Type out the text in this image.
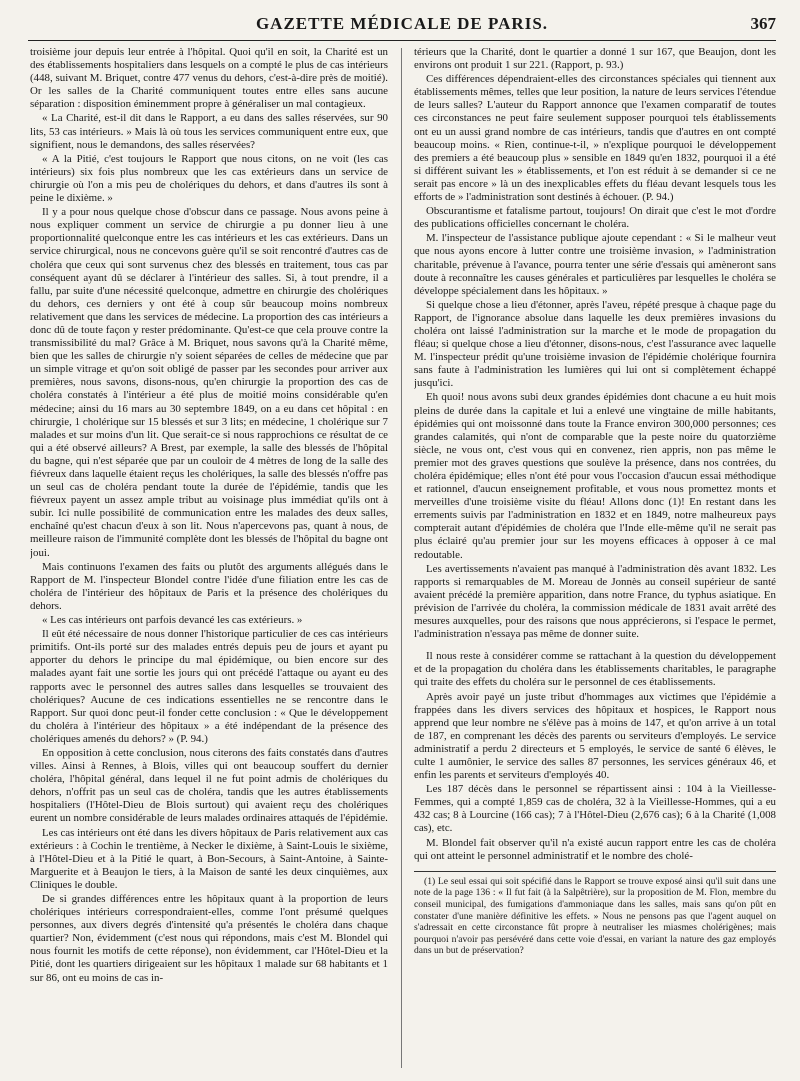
GAZETTE MÉDICALE DE PARIS.	367

troisième jour depuis leur entrée à l'hôpital. Quoi qu'il en soit, la Charité est un des établissements hospitaliers dans lesquels on a compté le plus de cas intérieurs (448, suivant M. Briquet, contre 477 venus du dehors, c'est-à-dire près de moitié). Or les salles de la Charité communiquent toutes entre elles sans aucune séparation : disposition éminemment propre à généraliser un mal contagieux.

« La Charité, est-il dit dans le Rapport, a eu dans des salles réservées, sur 90 lits, 53 cas intérieurs. » Mais là où tous les services communiquent entre eux, que signifient, nous le demandons, des salles réservées?

« A la Pitié, c'est toujours le Rapport que nous citons, on ne voit (les cas intérieurs) six fois plus nombreux que les cas extérieurs dans un service de chirurgie où l'on a mis peu de cholériques du dehors, et dans d'autres ils sont à peine le dixième. »

Il y a pour nous quelque chose d'obscur dans ce passage. Nous avons peine à nous expliquer comment un service de chirurgie a pu donner lieu à une proportionnalité quelconque entre les cas intérieurs et les cas extérieurs. Dans un service chirurgical, nous ne concevons guère qu'il se soit rencontré d'autres cas de choléra que ceux qui sont survenus chez des blessés en traitement, tous cas par conséquent ayant dû se déclarer à l'intérieur des salles. Si, à tout prendre, il a fallu, par suite d'une nécessité quelconque, admettre en chirurgie des cholériques du dehors, ces derniers y ont été à coup sûr beaucoup moins nombreux relativement que dans les services de médecine. La proportion des cas intérieurs a donc dû de toute façon y rester prédominante. Qu'est-ce que cela prouve contre la transmissibilité du mal? Grâce à M. Briquet, nous savons qu'à la Charité même, bien que les salles de chirurgie n'y soient séparées de celles de médecine que par un simple vitrage et qu'on soit obligé de passer par les secondes pour arriver aux premières, nous savons, disons-nous, qu'en chirurgie la proportion des cas de choléra constatés à l'intérieur a été plus de moitié moins considérable qu'en médecine; ainsi du 16 mars au 30 septembre 1849, on a eu dans cet hôpital : en chirurgie, 1 cholérique sur 15 blessés et sur 3 lits; en médecine, 1 cholérique sur 7 malades et sur moins d'un lit. Que serait-ce si nous rapprochions ce résultat de ce qui a été observé ailleurs? A Brest, par exemple, la salle des blessés de l'hôpital du bagne, qui n'est séparée que par un couloir de 4 mètres de long de la salle des fiévreux dans laquelle étaient reçus les cholériques, la salle des blessés n'offre pas un seul cas de choléra pendant toute la durée de l'épidémie, tandis que les fiévreux payent un assez ample tribut au voisinage plus immédiat qu'ils ont à subir. Ici nulle possibilité de communication entre les malades des deux salles, enchaîné qu'est chacun d'eux à son lit. Nous n'apercevons pas, quant à nous, de meilleure raison de l'immunité complète dont les blessés de l'hôpital du bagne ont joui.

Mais continuons l'examen des faits ou plutôt des arguments allégués dans le Rapport de M. l'inspecteur Blondel contre l'idée d'une filiation entre les cas de choléra de l'intérieur des hôpitaux de Paris et la présence des cholériques du dehors.

« Les cas intérieurs ont parfois devancé les cas extérieurs. »

Il eût été nécessaire de nous donner l'historique particulier de ces cas intérieurs primitifs. Ont-ils porté sur des malades entrés depuis peu de jours et ayant pu apporter du dehors le principe du mal épidémique, ou bien encore sur des malades ayant fait une sortie les jours qui ont précédé l'attaque ou ayant eu des rapports avec le personnel des autres salles dans lesquelles se trouvaient des cholériques? Aucune de ces indications essentielles ne se rencontre dans le Rapport. Sur quoi donc peut-il fonder cette conclusion : « Que le développement du choléra à l'intérieur des hôpitaux » a été indépendant de la présence des cholériques amenés du dehors? » (P. 94.)

En opposition à cette conclusion, nous citerons des faits constatés dans d'autres villes. Ainsi à Rennes, à Blois, villes qui ont beaucoup souffert du dernier choléra, l'hôpital général, dans lequel il ne fut point admis de cholériques du dehors, n'offrit pas un seul cas de choléra, tandis que les autres établissements hospitaliers (l'Hôtel-Dieu de Blois surtout) qui avaient reçu des cholériques eurent un nombre considérable de leurs malades ordinaires attaqués de l'épidémie.

Les cas intérieurs ont été dans les divers hôpitaux de Paris relativement aux cas extérieurs : à Cochin le trentième, à Necker le dixième, à Saint-Louis le sixième, à l'Hôtel-Dieu et à la Pitié le quart, à Bon-Secours, à Saint-Antoine, à Sainte-Marguerite et à Beaujon le tiers, à la Maison de santé les deux cinquièmes, aux Cliniques le double.

De si grandes différences entre les hôpitaux quant à la proportion de leurs cholériques intérieurs correspondraient-elles, comme l'ont présumé quelques personnes, aux divers degrés d'intensité qu'a présentés le choléra dans chaque quartier? Non, évidemment (c'est nous qui répondons, mais c'est M. Blondel qui nous fournit les motifs de cette réponse), non évidemment, car l'Hôtel-Dieu et la Pitié, dont les quartiers dirigeaient sur les hôpitaux 1 malade sur 68 habitants et 1 sur 86, ont eu moins de cas in-

térieurs que la Charité, dont le quartier a donné 1 sur 167, que Beaujon, dont les environs ont produit 1 sur 221. (Rapport, p. 93.)

Ces différences dépendraient-elles des circonstances spéciales qui tiennent aux établissements mêmes, telles que leur position, la nature de leurs services l'étendue de leurs salles? L'auteur du Rapport annonce que l'examen comparatif de toutes ces circonstances ne peut faire seulement supposer pourquoi tels établissements ont eu un aussi grand nombre de cas intérieurs, tandis que d'autres en ont compté beaucoup moins. « Rien, continue-t-il, » n'explique pourquoi le développement des premiers a été beaucoup plus » sensible en 1849 qu'en 1832, pourquoi il a été si différent suivant les » établissements, et l'on est réduit à se demander si ce ne serait pas encore » là un des inexplicables effets du fléau devant lesquels tous les efforts de » l'administration sont destinés à échouer. (P. 94.)

Obscurantisme et fatalisme partout, toujours! On dirait que c'est le mot d'ordre des publications officielles concernant le choléra.

M. l'inspecteur de l'assistance publique ajoute cependant : « Si le malheur veut que nous ayons encore à lutter contre une troisième invasion, » l'administration charitable, prévenue à l'avance, pourra tenter une série d'essais qui amèneront sans doute à reconnaître les causes générales et particulières par lesquelles le choléra se développe spécialement dans les hôpitaux. »

Si quelque chose a lieu d'étonner, après l'aveu, répété presque à chaque page du Rapport, de l'ignorance absolue dans laquelle les deux premières invasions du choléra ont laissé l'administration sur la marche et le mode de propagation du fléau; si quelque chose a lieu d'étonner, disons-nous, c'est l'assurance avec laquelle M. l'inspecteur prédit qu'une troisième invasion de l'épidémie cholérique fournira sans faute à l'administration les lumières qui lui ont si complètement échappé jusqu'ici.

Eh quoi! nous avons subi deux grandes épidémies dont chacune a eu huit mois pleins de durée dans la capitale et lui a enlevé une vingtaine de mille habitants, épidémies qui ont moissonné dans toute la France environ 300,000 personnes; ces grandes calamités, qui n'ont de comparable que la peste noire du quatorzième siècle, ne vous ont, c'est vous qui en convenez, rien appris, non pas même le premier mot des graves questions que soulève la présence, dans nos contrées, du choléra épidémique; elles n'ont été pour vous l'occasion d'aucun essai méthodique et rationnel, d'aucun enseignement profitable, et vous nous promettez monts et merveilles d'une troisième visite du fléau! Allons donc (1)! En restant dans les errements suivis par l'administration en 1832 et en 1849, notre malheureux pays compterait autant d'épidémies de choléra que l'Inde elle-même qu'il ne serait pas plus éclairé qu'au premier jour sur les moyens efficaces à opposer à ce mal redoutable.

Les avertissements n'avaient pas manqué à l'administration dès avant 1832. Les rapports si remarquables de M. Moreau de Jonnès au conseil supérieur de santé avaient précédé la première apparition, dans notre France, du typhus asiatique. En prévision de l'arrivée du choléra, la commission médicale de 1831 avait arrêté des mesures auxquelles, pour des raisons que nous apprécierons, si l'espace le permet, l'administration n'essaya pas même de donner suite.

Il nous reste à considérer comme se rattachant à la question du développement et de la propagation du choléra dans les établissements charitables, le paragraphe qui traite des effets du choléra sur le personnel de ces établissements.

Après avoir payé un juste tribut d'hommages aux victimes que l'épidémie a frappées dans les divers services des hôpitaux et hospices, le Rapport nous apprend que leur nombre ne s'élève pas à moins de 147, et qu'on arrive à un total de 187, en comprenant les décès des parents ou serviteurs d'employés. Le service administratif a perdu 2 directeurs et 5 employés, le service de santé 6 élèves, le culte 1 aumônier, le service des salles 87 personnes, les services généraux 46, et enfin les parents et serviteurs d'employés 40.

Les 187 décès dans le personnel se répartissent ainsi : 104 à la Vieillesse-Femmes, qui a compté 1,859 cas de choléra, 32 à la Vieillesse-Hommes, qui a eu 432 cas; 8 à Lourcine (166 cas); 7 à l'Hôtel-Dieu (2,676 cas); 6 à la Charité (1,008 cas), etc.

M. Blondel fait observer qu'il n'a existé aucun rapport entre les cas de choléra qui ont atteint le personnel administratif et le nombre des cholé-

(1) Le seul essai qui soit spécifié dans le Rapport se trouve exposé ainsi qu'il suit dans une note de la page 136 : « Il fut fait (à la Salpêtrière), sur la proposition de M. Flon, membre du conseil municipal, des fumigations d'ammoniaque dans les salles, mais sans qu'on pût en constater d'une manière définitive les effets. » Nous ne pensons pas que l'agent auquel on s'adressait en cette circonstance fût propre à neutraliser les miasmes cholérigènes; mais pourquoi n'avoir pas persévéré dans cette voie d'essai, en variant la nature des gaz employés dans un but de préservation?
